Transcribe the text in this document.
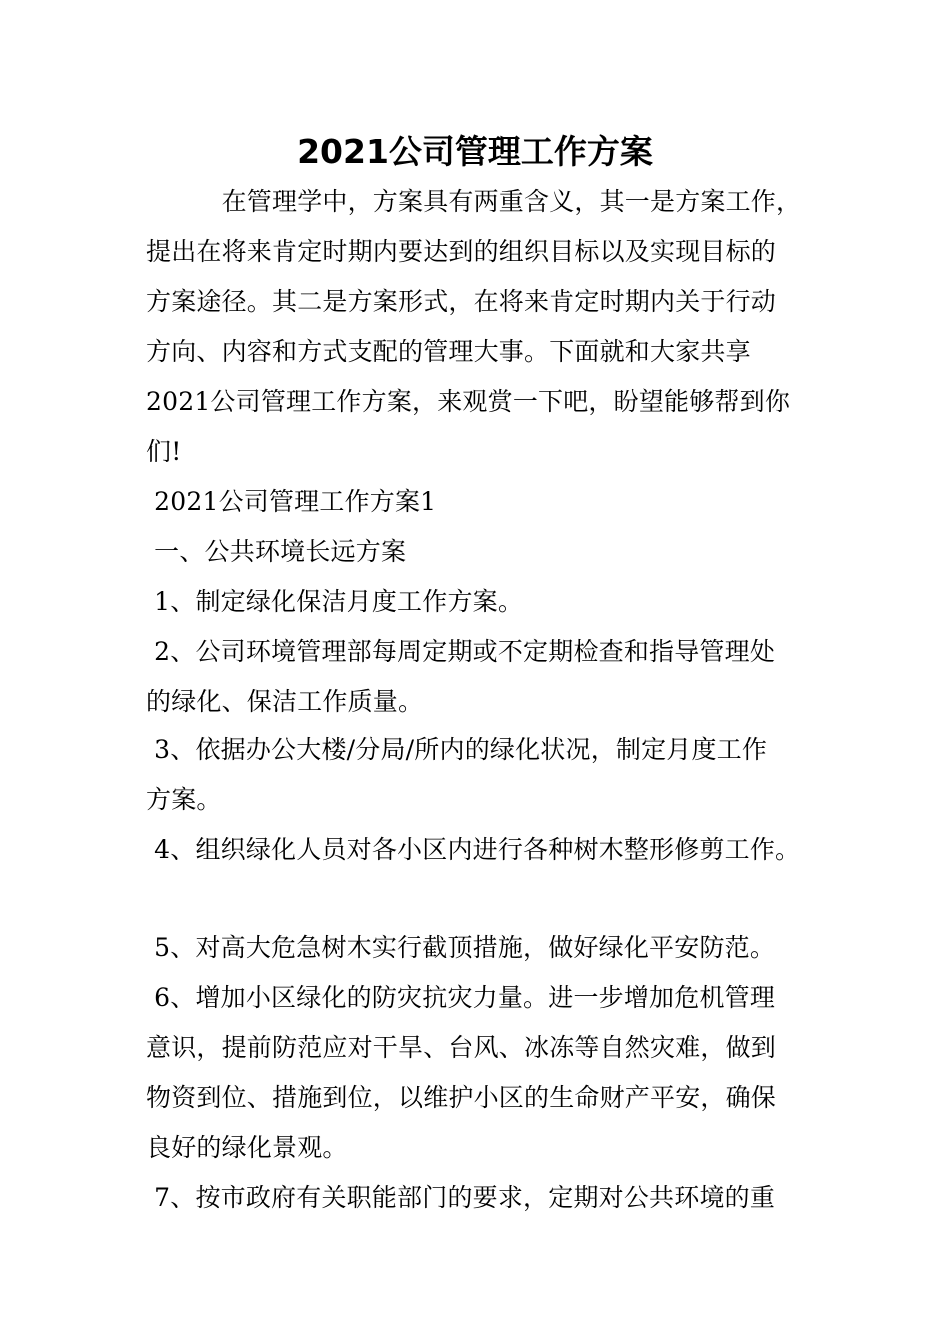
2021公司管理工作方案
　　　在管理学中，方案具有两重含义，其一是方案工作，
提出在将来肯定时期内要达到的组织目标以及实现目标的
方案途径。其二是方案形式，在将来肯定时期内关于行动
方向、内容和方式支配的管理大事。下面就和大家共享
2021公司管理工作方案，来观赏一下吧，盼望能够帮到你
们!
2021公司管理工作方案1
一、公共环境长远方案
1、制定绿化保洁月度工作方案。
2、公司环境管理部每周定期或不定期检查和指导管理处
的绿化、保洁工作质量。
3、依据办公大楼/分局/所内的绿化状况，制定月度工作
方案。
4、组织绿化人员对各小区内进行各种树木整形修剪工作。
5、对高大危急树木实行截顶措施，做好绿化平安防范。
6、增加小区绿化的防灾抗灾力量。进一步增加危机管理
意识，提前防范应对干旱、台风、冰冻等自然灾难，做到
物资到位、措施到位，以维护小区的生命财产平安，确保
良好的绿化景观。
7、按市政府有关职能部门的要求，定期对公共环境的重
